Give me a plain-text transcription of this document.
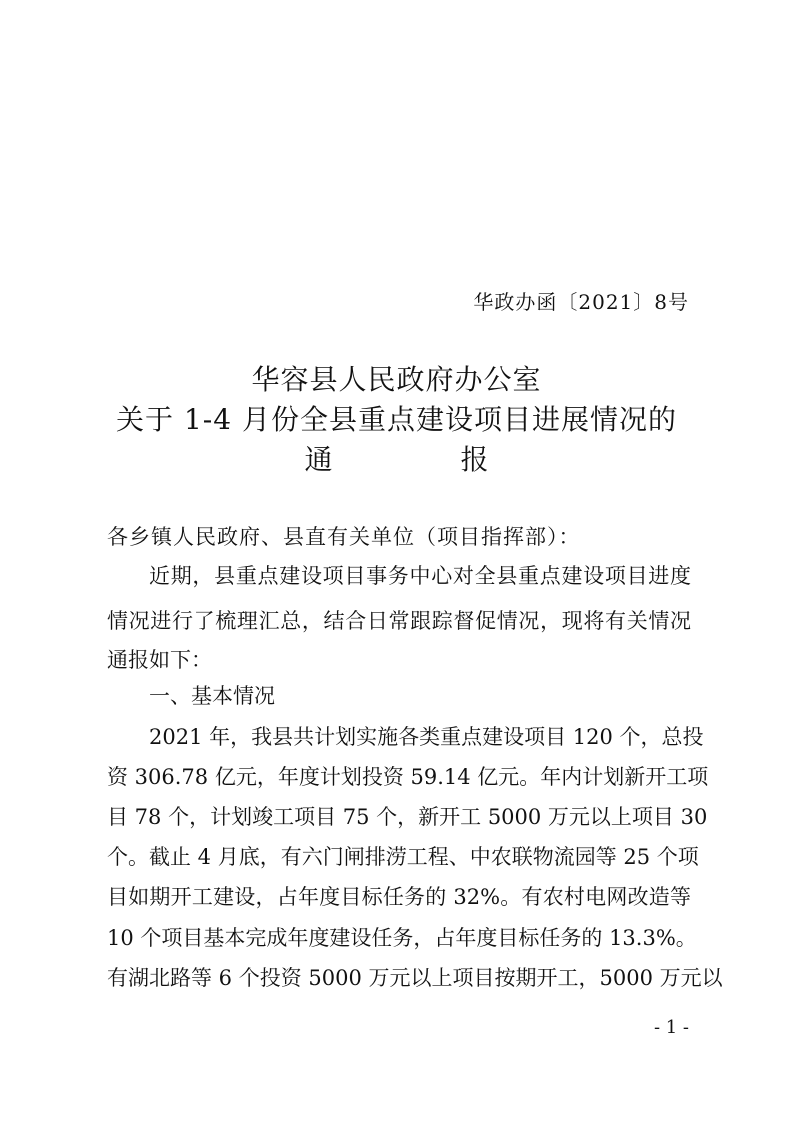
华政办函〔2021〕8号
华容县人民政府办公室
关于 1-4 月份全县重点建设项目进展情况的
通	报
各乡镇人民政府、县直有关单位（项目指挥部）：
近期，县重点建设项目事务中心对全县重点建设项目进度
情况进行了梳理汇总，结合日常跟踪督促情况，现将有关情况
通报如下：
一、基本情况
2021 年，我县共计划实施各类重点建设项目 120 个，总投
资 306.78 亿元，年度计划投资 59.14 亿元。年内计划新开工项
目 78 个，计划竣工项目 75 个，新开工 5000 万元以上项目 30
个。截止 4 月底，有六门闸排涝工程、中农联物流园等 25 个项
目如期开工建设，占年度目标任务的 32%。有农村电网改造等
10 个项目基本完成年度建设任务，占年度目标任务的 13.3%。
有湖北路等 6 个投资 5000 万元以上项目按期开工，5000 万元以
- 1 -
